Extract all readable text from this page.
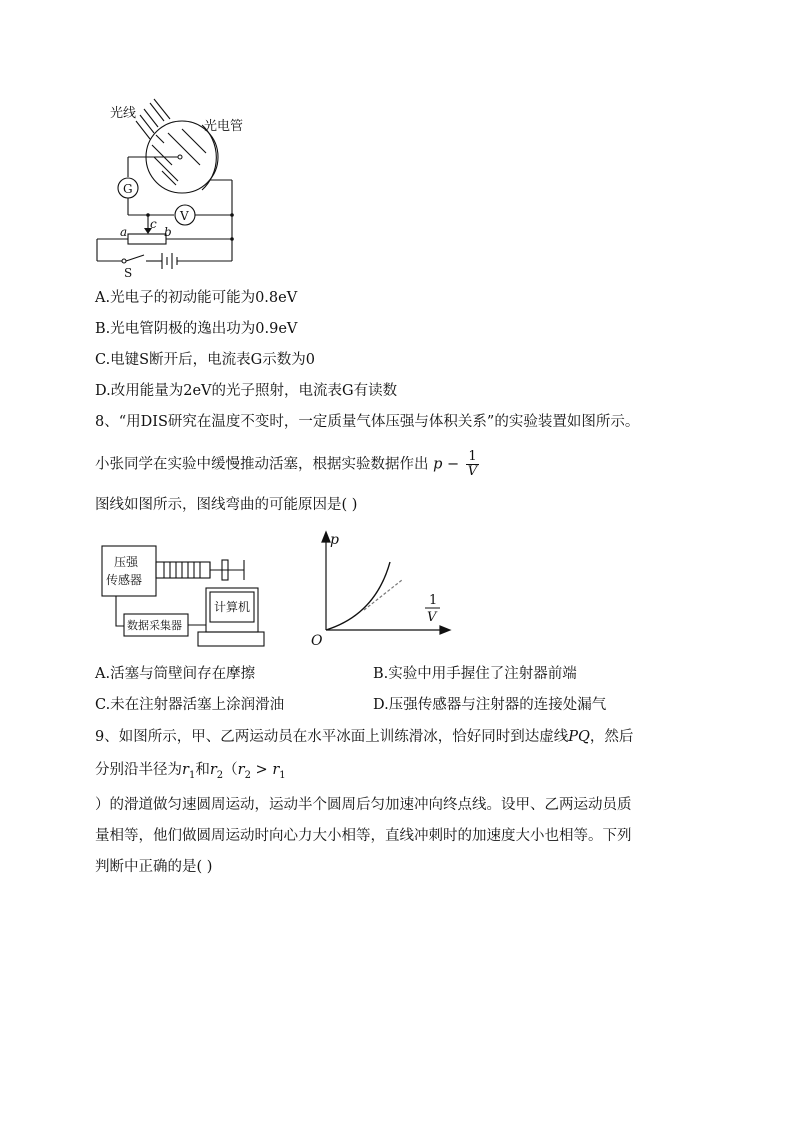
光线
光电管
G
V
a	b
c
S
A.光电子的初动能可能为0.8eV
B.光电管阴极的逸出功为0.9eV
C.电键S断开后，电流表G示数为0
D.改用能量为2eV的光子照射，电流表G有读数
8、“用DIS研究在温度不变时，一定质量气体压强与体积关系”的实验装置如图所示。
小张同学在实验中缓慢推动活塞，根据实验数据作出 $p - \frac{1}{V}$
图线如图所示，图线弯曲的可能原因是( )
压强
传感器
数据采集器
计算机
p
1
V
O
A.活塞与筒壁间存在摩擦	B.实验中用手握住了注射器前端
C.未在注射器活塞上涂润滑油	D.压强传感器与注射器的连接处漏气
9、如图所示，甲、乙两运动员在水平冰面上训练滑冰，恰好同时到达虚线PQ，然后
分别沿半径为$r_1$和$r_2(r_2 > r_1$
）的滑道做匀速圆周运动，运动半个圆周后匀加速冲向终点线。设甲、乙两运动员质
量相等，他们做圆周运动时向心力大小相等，直线冲刺时的加速度大小也相等。下列
判断中正确的是( )
